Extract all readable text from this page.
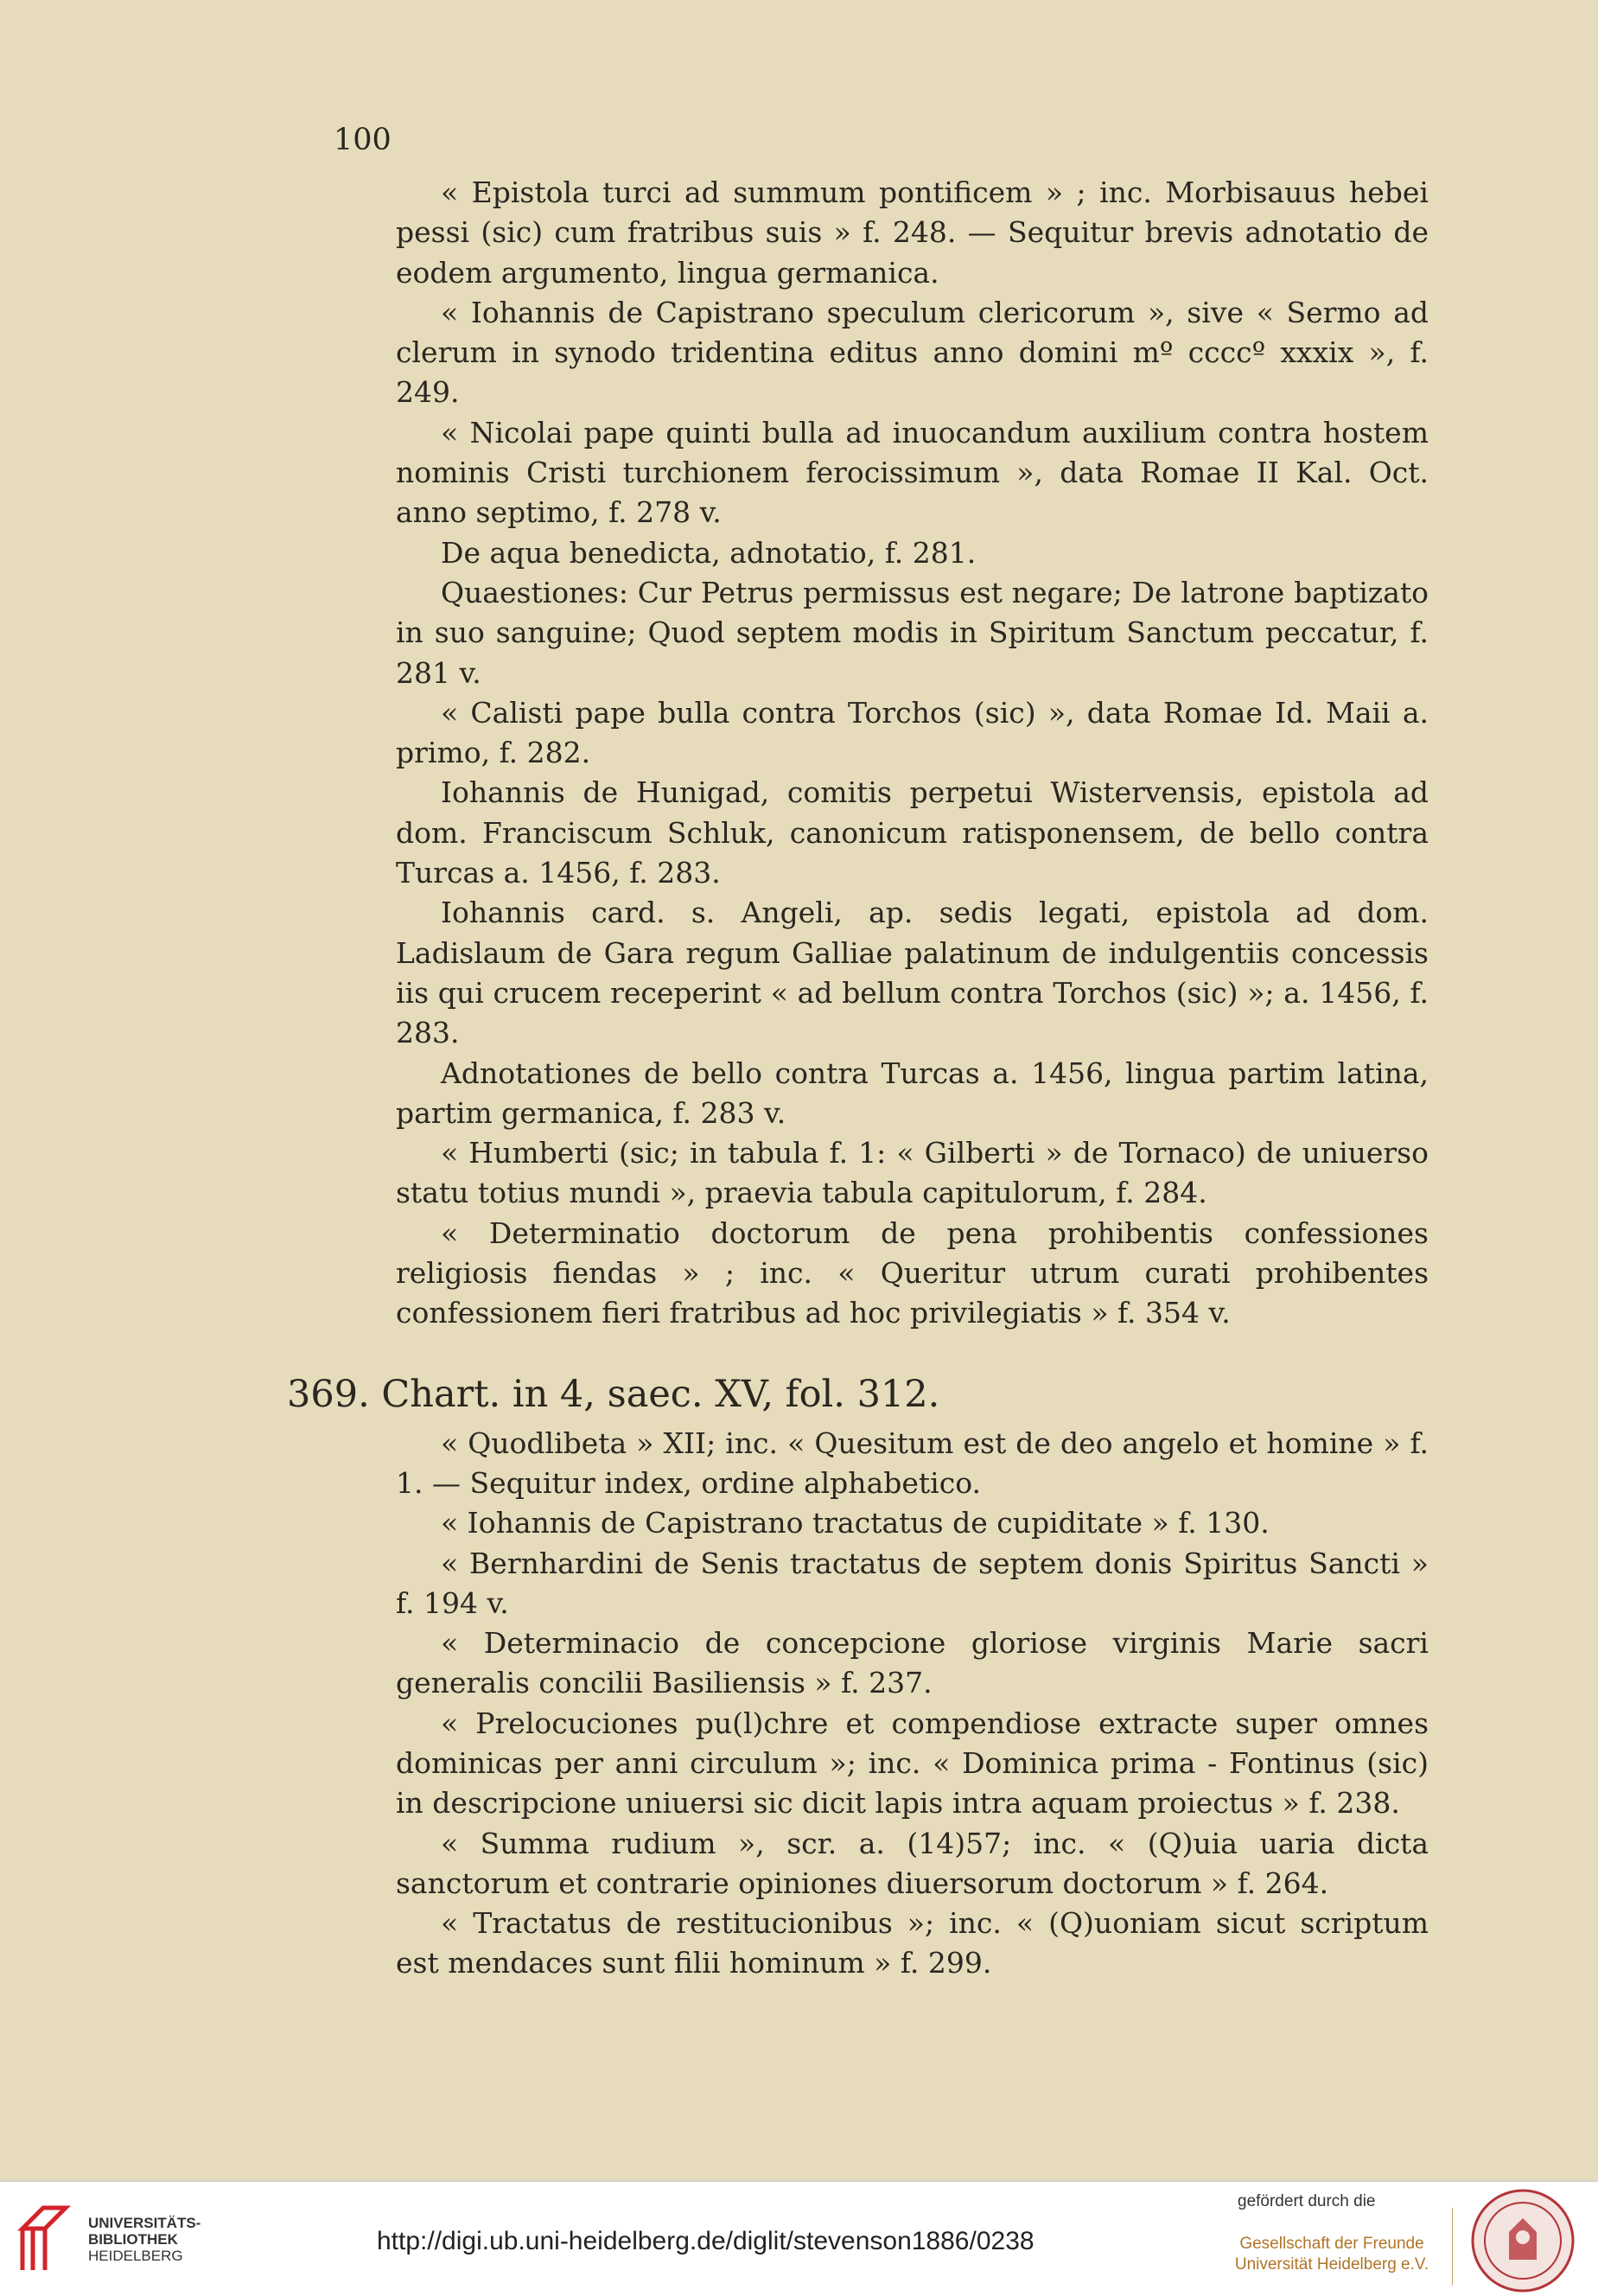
100

« Epistola turci ad summum pontificem » ; inc. Morbisauus hebei pessi (sic) cum fratribus suis » f. 248. — Sequitur brevis adnotatio de eodem argumento, lingua germanica.

« Iohannis de Capistrano speculum clericorum », sive « Sermo ad clerum in synodo tridentina editus anno domini mº ccccº xxxix », f. 249.

« Nicolai pape quinti bulla ad inuocandum auxilium contra hostem nominis Cristi turchionem ferocissimum », data Romae II Kal. Oct. anno septimo, f. 278 v.

De aqua benedicta, adnotatio, f. 281.

Quaestiones: Cur Petrus permissus est negare; De latrone baptizato in suo sanguine; Quod septem modis in Spiritum Sanctum peccatur, f. 281 v.

« Calisti pape bulla contra Torchos (sic) », data Romae Id. Maii a. primo, f. 282.

Iohannis de Hunigad, comitis perpetui Wistervensis, epistola ad dom. Franciscum Schluk, canonicum ratisponensem, de bello contra Turcas a. 1456, f. 283.

Iohannis card. s. Angeli, ap. sedis legati, epistola ad dom. Ladislaum de Gara regum Galliae palatinum de indulgentiis concessis iis qui crucem receperint « ad bellum contra Torchos (sic) »; a. 1456, f. 283.

Adnotationes de bello contra Turcas a. 1456, lingua partim latina, partim germanica, f. 283 v.

« Humberti (sic; in tabula f. 1: « Gilberti » de Tornaco) de uniuerso statu totius mundi », praevia tabula capitulorum, f. 284.

« Determinatio doctorum de pena prohibentis confessiones religiosis fiendas » ; inc. « Queritur utrum curati prohibentes confessionem fieri fratribus ad hoc privilegiatis » f. 354 v.

369. Chart. in 4, saec. XV, fol. 312.

« Quodlibeta » XII; inc. « Quesitum est de deo angelo et homine » f. 1. — Sequitur index, ordine alphabetico.

« Iohannis de Capistrano tractatus de cupiditate » f. 130.

« Bernhardini de Senis tractatus de septem donis Spiritus Sancti » f. 194 v.

« Determinacio de concepcione gloriose virginis Marie sacri generalis concilii Basiliensis » f. 237.

« Prelocuciones pu(l)chre et compendiose extracte super omnes dominicas per anni circulum »; inc. « Dominica prima - Fontinus (sic) in descripcione uniuersi sic dicit lapis intra aquam proiectus » f. 238.

« Summa rudium », scr. a. (14)57; inc. « (Q)uia uaria dicta sanctorum et contrarie opiniones diuersorum doctorum » f. 264.

« Tractatus de restitucionibus »; inc. « (Q)uoniam sicut scriptum est mendaces sunt filii hominum » f. 299.

UNIVERSITÄTS-
BIBLIOTHEK
HEIDELBERG
http://digi.ub.uni-heidelberg.de/diglit/stevenson1886/0238
gefördert durch die
Gesellschaft der Freunde
Universität Heidelberg e.V.
